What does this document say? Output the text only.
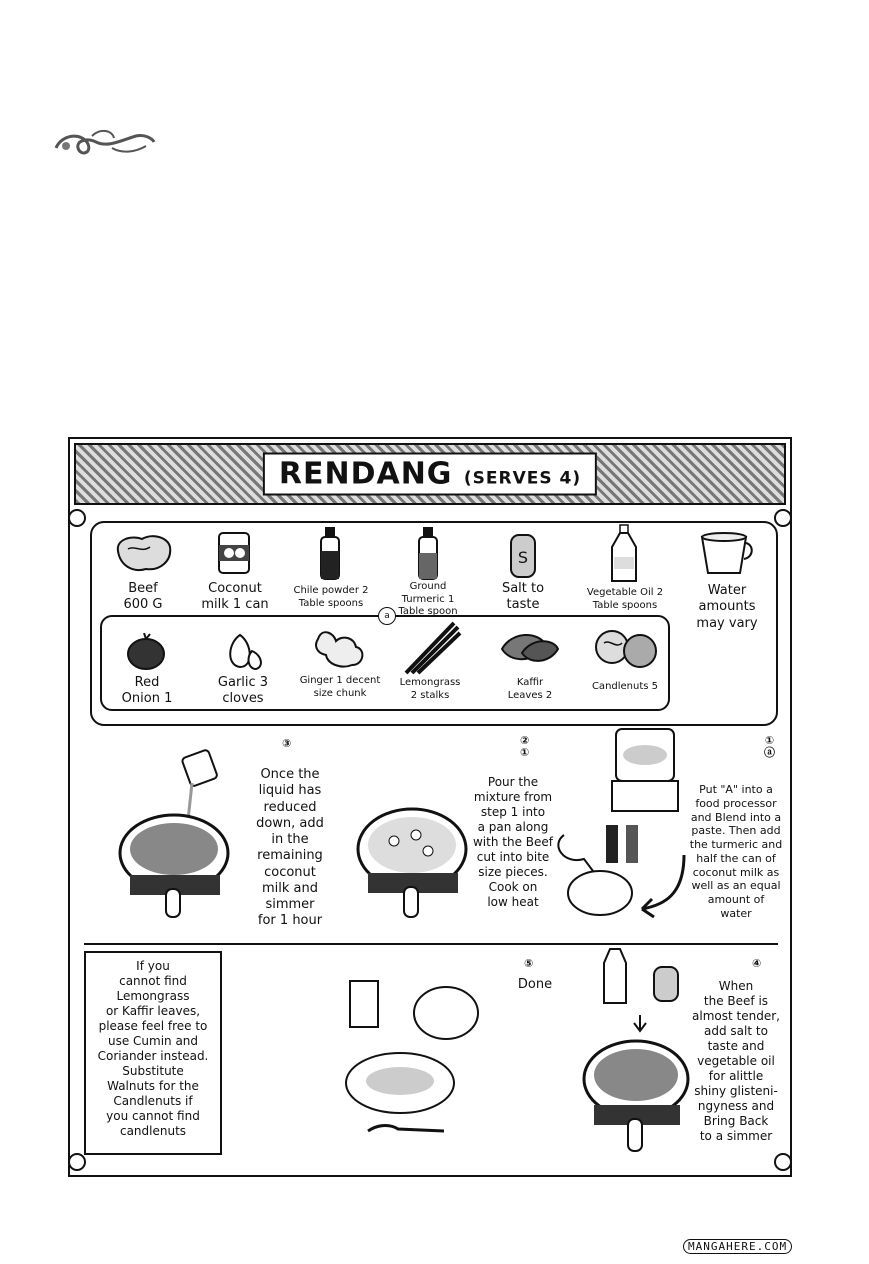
RENDANG (SERVES 4)
S
Beef
600 G
Coconut
milk 1 can
Chile powder 2
Table spoons
Ground
Turmeric 1
Table spoon
Salt to
taste
Vegetable Oil 2
Table spoons
Water
amounts
may vary
a
Red
Onion 1
Garlic 3
cloves
Ginger 1 decent
size chunk
Lemongrass
2 stalks
Kaffir
Leaves 2
Candlenuts 5
③
Once the
liquid has
reduced
down, add
in the
remaining
coconut
milk and
simmer
for 1 hour
②
①
Pour the
mixture from
step 1 into
a pan along
with the Beef
cut into bite
size pieces.
Cook on
low heat
①
ⓐ
Put "A" into a
food processor
and Blend into a
paste. Then add
the turmeric and
half the can of
coconut milk as
well as an equal
amount of
water
If you
cannot find
Lemongrass
or Kaffir leaves,
please feel free to
use Cumin and
Coriander instead.
Substitute
Walnuts for the
Candlenuts if
you cannot find
candlenuts
⑤
Done
④
When
the Beef is
almost tender,
add salt to
taste and
vegetable oil
for alittle
shiny glisteni-
ngyness and
Bring Back
to a simmer
MANGAHERE.COM
